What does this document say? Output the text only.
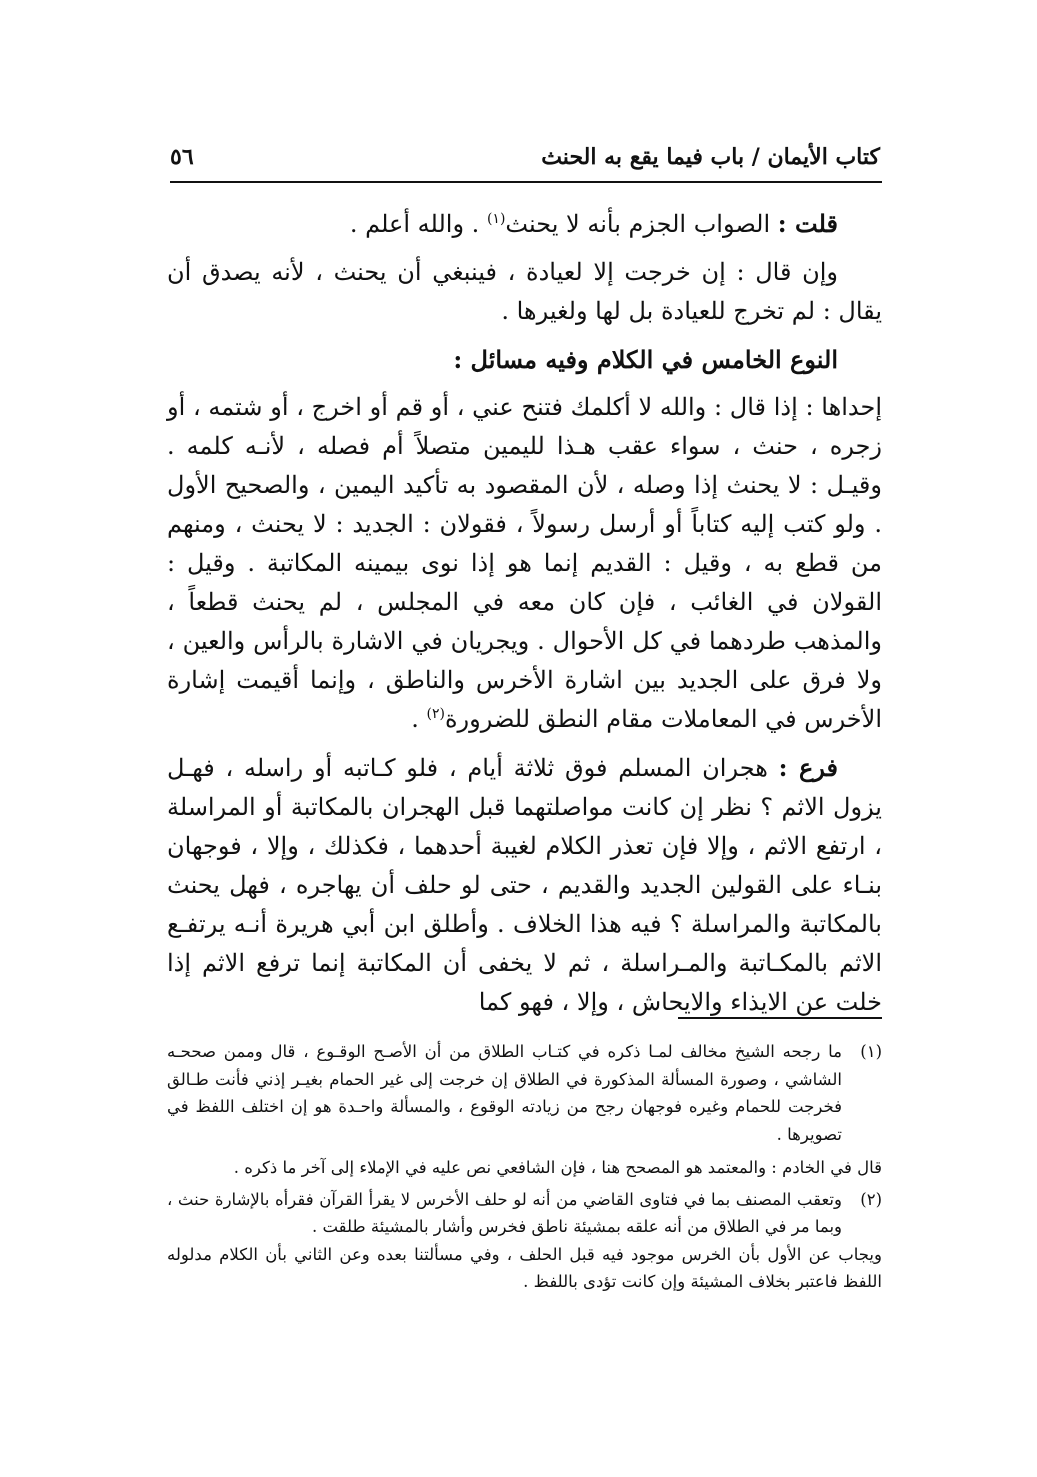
كتاب الأيمان / باب فيما يقع به الحنث
٥٦

قلت : الصواب الجزم بأنه لا يحنث$^{(١)}$ . والله أعلم .

وإن قال : إن خرجت إلا لعيادة ، فينبغي أن يحنث ، لأنه يصدق أن يقال : لم تخرج للعيادة بل لها ولغيرها .

النوع الخامس في الكلام وفيه مسائل :

إحداها : إذا قال : والله لا أكلمك فتنح عني ، أو قم أو اخرج ، أو شتمه ، أو زجره ، حنث ، سواء عقب هـذا لليمين متصلاً أم فصله ، لأنـه كلمه . وقيـل : لا يحنث إذا وصله ، لأن المقصود به تأكيد اليمين ، والصحيح الأول . ولو كتب إليه كتاباً أو أرسل رسولاً ، فقولان : الجديد : لا يحنث ، ومنهم من قطع به ، وقيل : القديم إنما هو إذا نوى بيمينه المكاتبة . وقيل : القولان في الغائب ، فإن كان معه في المجلس ، لم يحنث قطعاً ، والمذهب طردهما في كل الأحوال . ويجريان في الاشارة بالرأس والعين ، ولا فرق على الجديد بين اشارة الأخرس والناطق ، وإنما أقيمت إشارة الأخرس في المعاملات مقام النطق للضرورة$^{(٢)}$ .

فرع : هجران المسلم فوق ثلاثة أيام ، فلو كـاتبه أو راسله ، فهـل يزول الاثم ؟ نظر إن كانت مواصلتهما قبل الهجران بالمكاتبة أو المراسلة ، ارتفع الاثم ، وإلا فإن تعذر الكلام لغيبة أحدهما ، فكذلك ، وإلا ، فوجهان بنـاء على القولين الجديد والقديم ، حتى لو حلف أن يهاجره ، فهل يحنث بالمكاتبة والمراسلة ؟ فيه هذا الخلاف . وأطلق ابن أبي هريرة أنـه يرتفـع الاثم بالمكـاتبة والمـراسلة ، ثم لا يخفى أن المكاتبة إنما ترفع الاثم إذا خلت عن الايذاء والايحاش ، وإلا ، فهو كما

(١)
ما رجحه الشيخ مخالف لمـا ذكره في كتـاب الطلاق من أن الأصـح الوقـوع ، قال وممن صححـه الشاشي ، وصورة المسألة المذكورة في الطلاق إن خرجت إلى غير الحمام بغيـر إذني فأنت طـالق فخرجت للحمام وغيره فوجهان رجح من زيادته الوقوع ، والمسألة واحـدة هو إن اختلف اللفظ في تصويرها .

قال في الخادم : والمعتمد هو المصحح هنا ، فإن الشافعي نص عليه في الإملاء إلى آخر ما ذكره .

(٢)
وتعقب المصنف بما في فتاوى القاضي من أنه لو حلف الأخرس لا يقرأ القرآن فقرأه بالإشارة حنث ، وبما مر في الطلاق من أنه علقه بمشيئة ناطق فخرس وأشار بالمشيئة طلقت .

ويجاب عن الأول بأن الخرس موجود فيه قبل الحلف ، وفي مسألتنا بعده وعن الثاني بأن الكلام مدلوله اللفظ فاعتبر بخلاف المشيئة وإن كانت تؤدى باللفظ .
